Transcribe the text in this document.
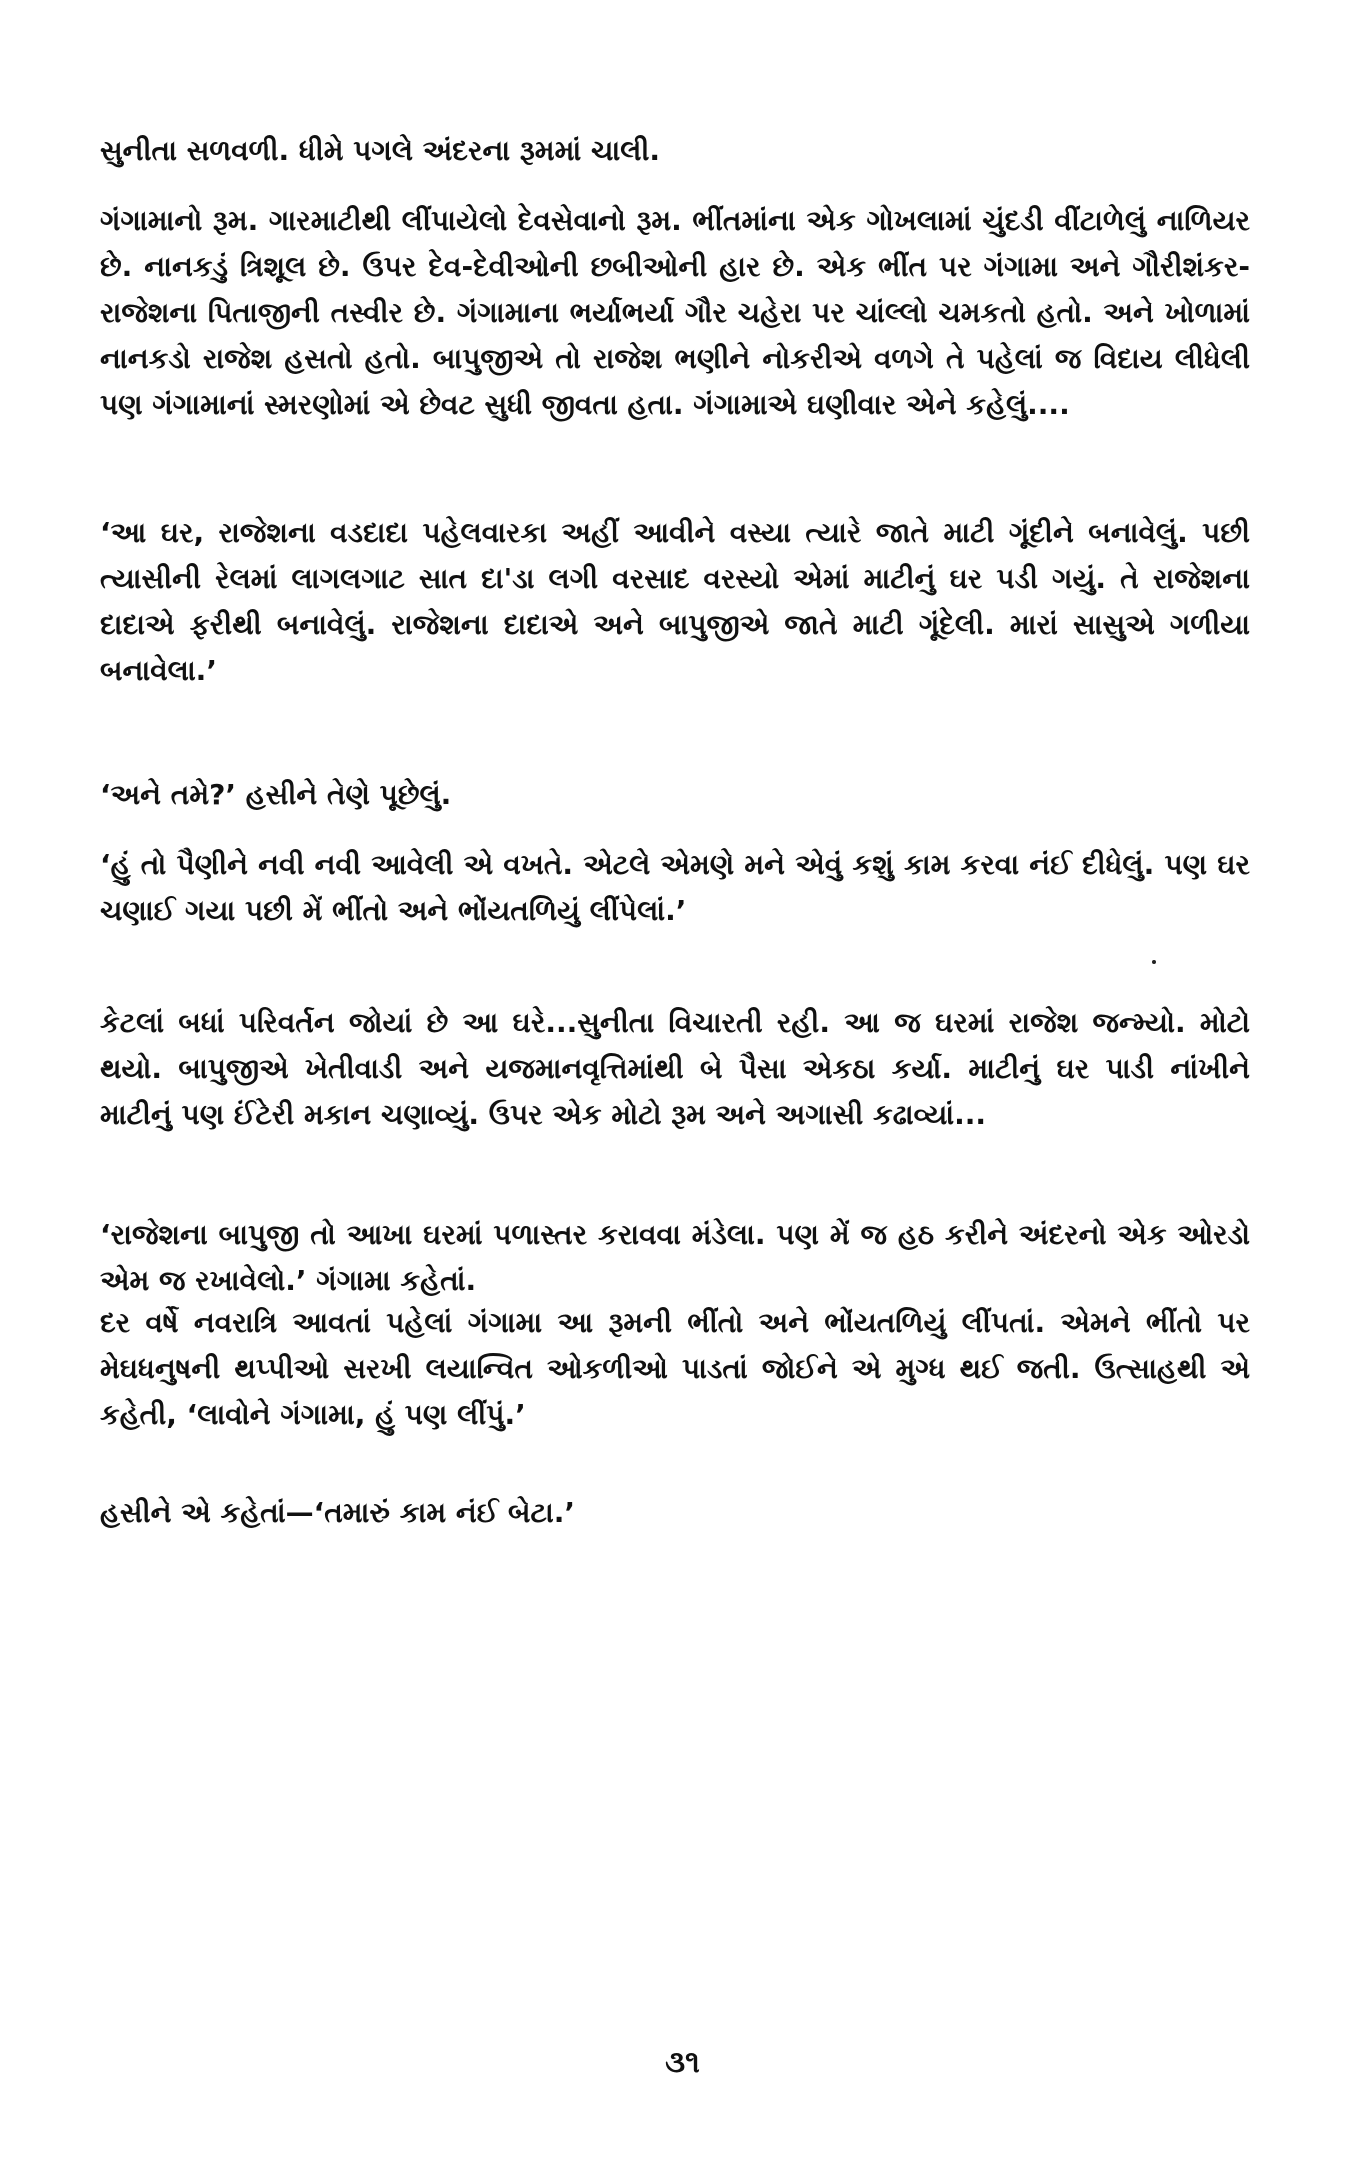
સુનીતા સળવળી. ધીમે પગલે અંદરના રૂમમાં ચાલી.
ગંગામાનો રૂમ. ગારમાટીથી લીંપાયેલો દેવસેવાનો રૂમ. ભીંતમાંના એક ગોખલામાં ચુંદડી વીંટાળેલું નાળિયર છે. નાનકડું ત્રિશૂલ છે. ઉપર દેવ-દેવીઓની છબીઓની હાર છે. એક ભીંત પર ગંગામા અને ગૌરીશંકર-રાજેશના પિતાજીની તસ્વીર છે. ગંગામાના ભર્યાભર્યા ગૌર ચહેરા પર ચાંલ્લો ચમકતો હતો. અને ખોળામાં નાનકડો રાજેશ હસતો હતો. બાપુજીએ તો રાજેશ ભણીને નોકરીએ વળગે તે પહેલાં જ વિદાય લીધેલી પણ ગંગામાનાં સ્મરણોમાં એ છેવટ સુધી જીવતા હતા. ગંગામાએ ઘણીવાર એને કહેલું....
‘આ ઘર, રાજેશના વડદાદા પહેલવારકા અહીં આવીને વસ્યા ત્યારે જાતે માટી ગૂંદીને બનાવેલું. પછી ત્યાસીની રેલમાં લાગલગાટ સાત દા'ડા લગી વરસાદ વરસ્યો એમાં માટીનું ઘર પડી ગયું. તે રાજેશના દાદાએ ફરીથી બનાવેલું. રાજેશના દાદાએ અને બાપુજીએ જાતે માટી ગૂંદેલી. મારાં સાસુએ ગળીયા બનાવેલા.’
‘અને તમે?’ હસીને તેણે પૂછેલું.
‘હું તો પૈણીને નવી નવી આવેલી એ વખતે. એટલે એમણે મને એવું કશું કામ કરવા નંઈ દીધેલું. પણ ઘર ચણાઈ ગયા પછી મેં ભીંતો અને ભોંયતળિયું લીંપેલાં.’
કેટલાં બધાં પરિવર્તન જોયાં છે આ ઘરે...સુનીતા વિચારતી રહી. આ જ ઘરમાં રાજેશ જન્મ્યો. મોટો થયો. બાપુજીએ ખેતીવાડી અને યજમાનવૃત્તિમાંથી બે પૈસા એકઠા કર્યા. માટીનું ઘર પાડી નાંખીને માટીનું પણ ઈંટેરી મકાન ચણાવ્યું. ઉપર એક મોટો રૂમ અને અગાસી કઢાવ્યાં...
‘રાજેશના બાપુજી તો આખા ઘરમાં પળાસ્તર કરાવવા મંડેલા. પણ મેં જ હઠ કરીને અંદરનો એક ઓરડો એમ જ રખાવેલો.’ ગંગામા કહેતાં.
દર વર્ષે નવરાત્રિ આવતાં પહેલાં ગંગામા આ રૂમની ભીંતો અને ભોંયતળિયું લીંપતાં. એમને ભીંતો પર મેઘધનુષની થપ્પીઓ સરખી લયાન્વિત ઓકળીઓ પાડતાં જોઈને એ મુગ્ધ થઈ જતી. ઉત્સાહથી એ કહેતી, ‘લાવોને ગંગામા, હું પણ લીંપું.’
હસીને એ કહેતાં—‘તમારું કામ નંઈ બેટા.’
૩૧
